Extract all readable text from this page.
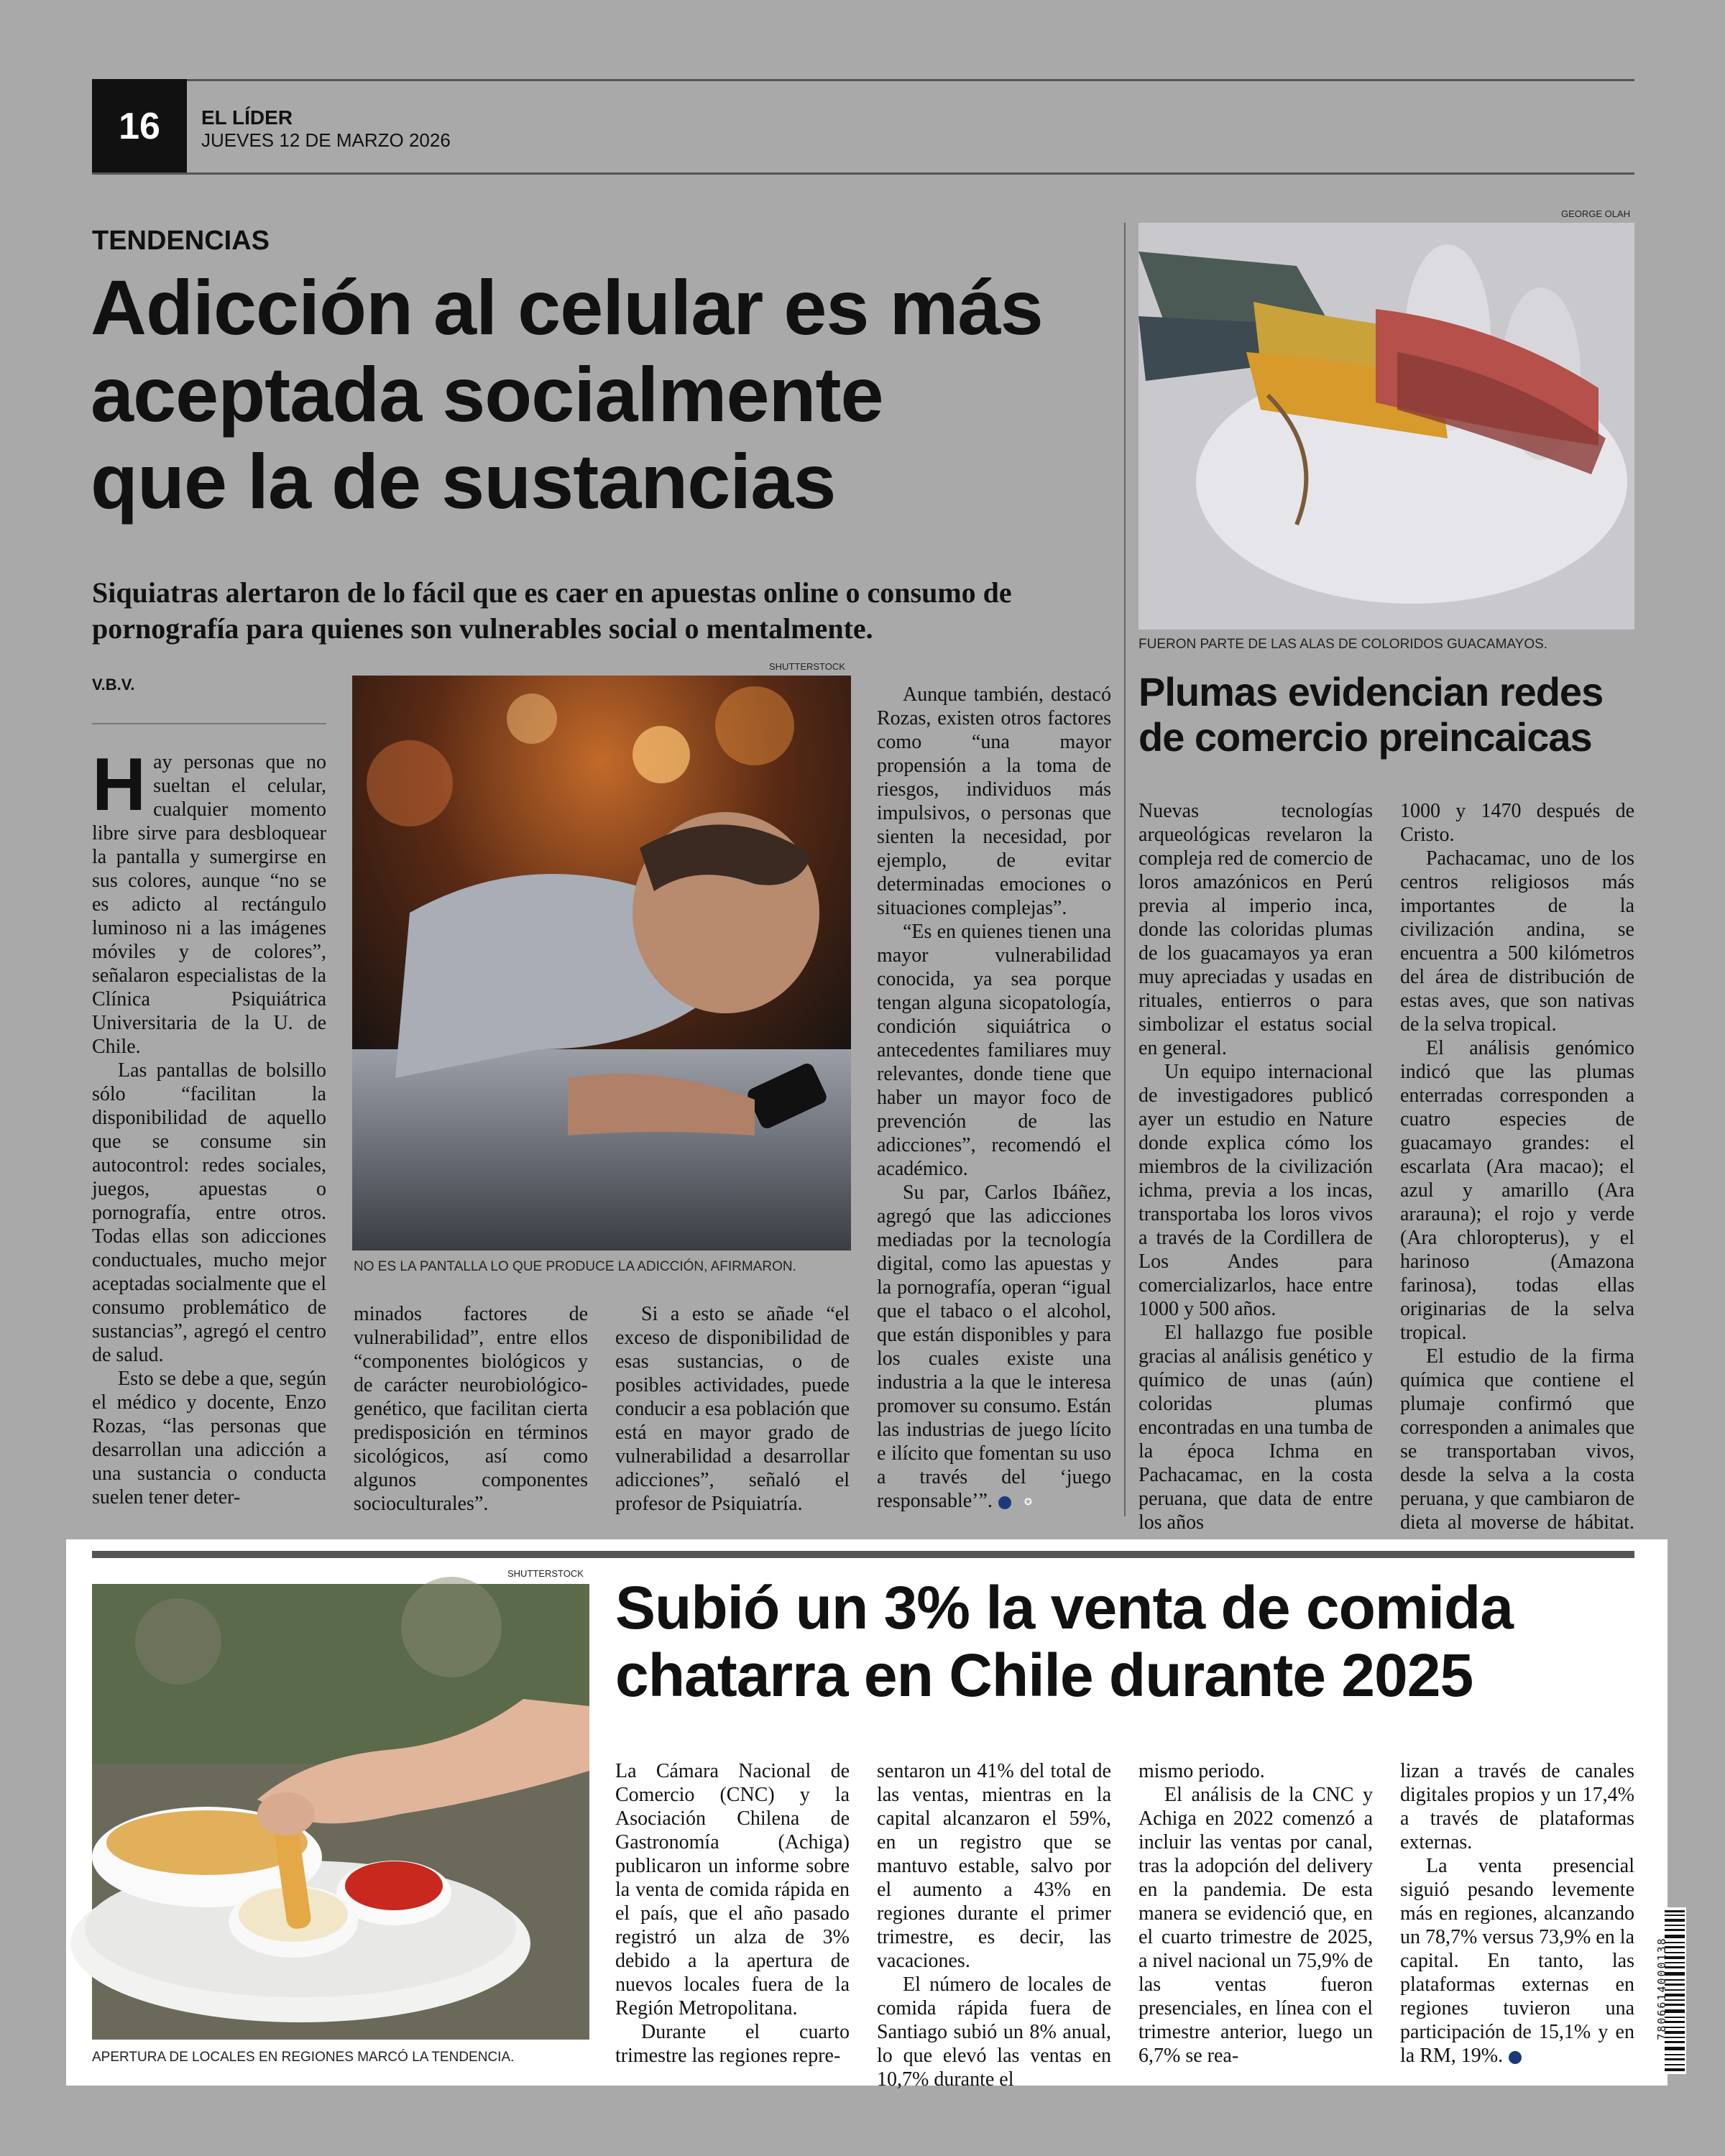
16	EL LÍDER
JUEVES 12 DE MARZO 2026
TENDENCIAS
Adicción al celular es más
aceptada socialmente
que la de sustancias
Siquiatras alertaron de lo fácil que es caer en apuestas online o consumo de pornografía para quienes son vulnerables social o mentalmente.
V.B.V.
SHUTTERSTOCK
NO ES LA PANTALLA LO QUE PRODUCE LA ADICCIÓN, AFIRMARON.

Hay personas que no sueltan el celular, cualquier momento libre sirve para desbloquear la pantalla y sumergirse en sus colores, aunque “no se es adicto al rectángulo luminoso ni a las imágenes móviles y de colores”, señalaron especialistas de la Clínica Psiquiátrica Universitaria de la U. de Chile.

Las pantallas de bolsillo sólo “facilitan la disponibilidad de aquello que se consume sin autocontrol: redes sociales, juegos, apuestas o pornografía, entre otros. Todas ellas son adicciones conductuales, mucho mejor aceptadas socialmente que el consumo problemático de sustancias”, agregó el centro de salud.

Esto se debe a que, según el médico y docente, Enzo Rozas, “las personas que desarrollan una adicción a una sustancia o conducta suelen tener deter-

minados factores de vulnerabilidad”, entre ellos “componentes biológicos y de carácter neurobiológico-genético, que facilitan cierta predisposición en términos sicológicos, así como algunos componentes socioculturales”.

Si a esto se añade “el exceso de disponibilidad de esas sustancias, o de posibles actividades, puede conducir a esa población que está en mayor grado de vulnerabilidad a desarrollar adicciones”, señaló el profesor de Psiquiatría.

Aunque también, destacó Rozas, existen otros factores como “una mayor propensión a la toma de riesgos, individuos más impulsivos, o personas que sienten la necesidad, por ejemplo, de evitar determinadas emociones o situaciones complejas”.

“Es en quienes tienen una mayor vulnerabilidad conocida, ya sea porque tengan alguna sicopatología, condición siquiátrica o antecedentes familiares muy relevantes, donde tiene que haber un mayor foco de prevención de las adicciones”, recomendó el académico.

Su par, Carlos Ibáñez, agregó que las adicciones mediadas por la tecnología digital, como las apuestas y la pornografía, operan “igual que el tabaco o el alcohol, que están disponibles y para los cuales existe una industria a la que le interesa promover su consumo. Están las industrias de juego lícito e ilícito que fomentan su uso a través del ‘juego responsable’”.	✪

GEORGE OLAH
FUERON PARTE DE LAS ALAS DE COLORIDOS GUACAMAYOS.
Plumas evidencian redes
de comercio preincaicas

Nuevas tecnologías arqueológicas revelaron la compleja red de comercio de loros amazónicos en Perú previa al imperio inca, donde las coloridas plumas de los guacamayos ya eran muy apreciadas y usadas en rituales, entierros o para simbolizar el estatus social en general.

Un equipo internacional de investigadores publicó ayer un estudio en Nature donde explica cómo los miembros de la civilización ichma, previa a los incas, transportaba los loros vivos a través de la Cordillera de Los Andes para comercializarlos, hace entre 1000 y 500 años.

El hallazgo fue posible gracias al análisis genético y químico de unas (aún) coloridas plumas encontradas en una tumba de la época Ichma en Pachacamac, en la costa peruana, que data de entre los años

1000 y 1470 después de Cristo.

Pachacamac, uno de los centros religiosos más importantes de la civilización andina, se encuentra a 500 kilómetros del área de distribución de estas aves, que son nativas de la selva tropical.

El análisis genómico indicó que las plumas enterradas corresponden a cuatro especies de guacamayo grandes: el escarlata (Ara macao); el azul y amarillo (Ara ararauna); el rojo y verde (Ara chloropterus), y el harinoso (Amazona farinosa), todas ellas originarias de la selva tropical.

El estudio de la firma química que contiene el plumaje confirmó que corresponden a animales que se transportaban vivos, desde la selva a la costa peruana, y que cambiaron de dieta al moverse de hábitat.

SHUTTERSTOCK
APERTURA DE LOCALES EN REGIONES MARCÓ LA TENDENCIA.
Subió un 3% la venta de comida
chatarra en Chile durante 2025

La Cámara Nacional de Comercio (CNC) y la Asociación Chilena de Gastronomía (Achiga) publicaron un informe sobre la venta de comida rápida en el país, que el año pasado registró un alza de 3% debido a la apertura de nuevos locales fuera de la Región Metropolitana.

Durante el cuarto trimestre las regiones repre-

sentaron un 41% del total de las ventas, mientras en la capital alcanzaron el 59%, en un registro que se mantuvo estable, salvo por el aumento a 43% en regiones durante el primer trimestre, es decir, las vacaciones.

El número de locales de comida rápida fuera de Santiago subió un 8% anual, lo que elevó las ventas en 10,7% durante el

mismo periodo.

El análisis de la CNC y Achiga en 2022 comenzó a incluir las ventas por canal, tras la adopción del delivery en la pandemia. De esta manera se evidenció que, en el cuarto trimestre de 2025, a nivel nacional un 75,9% de las ventas fueron presenciales, en línea con el trimestre anterior, luego un 6,7% se rea-

lizan a través de canales digitales propios y un 17,4% a través de plataformas externas.

La venta presencial siguió pesando levemente más en regiones, alcanzando un 78,7% versus 73,9% en la capital. En tanto, las plataformas externas en regiones tuvieron una participación de 15,1% y en la RM, 19%.	✪

7806614000138
